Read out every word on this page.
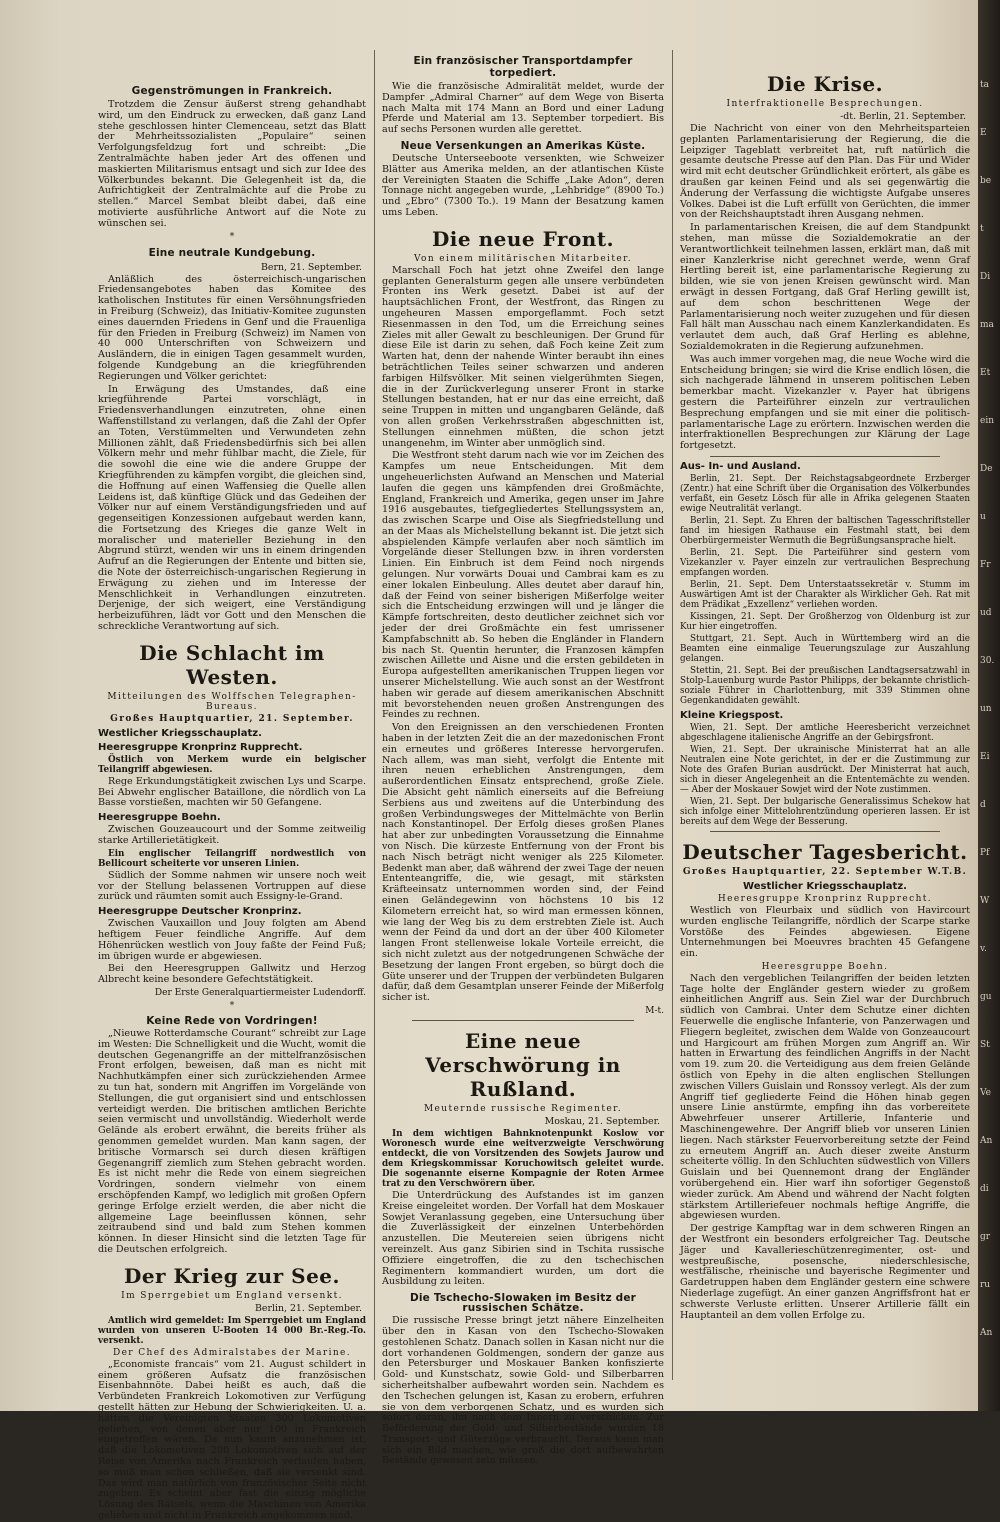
Gegenströmungen in Frankreich.

Trotzdem die Zensur äußerst streng gehandhabt wird, um den Eindruck zu erwecken, daß ganz Land stehe geschlossen hinter Clemenceau, setzt das Blatt der Mehrheitssozialisten „Populaire“ seinen Verfolgungsfeldzug fort und schreibt: „Die Zentralmächte haben jeder Art des offenen und maskierten Militarismus entsagt und sich zur Idee des Völkerbundes bekannt. Die Gelegenheit ist da, die Aufrichtigkeit der Zentralmächte auf die Probe zu stellen.“ Marcel Sembat bleibt dabei, daß eine motivierte ausführliche Antwort auf die Note zu wünschen sei.

*
Eine neutrale Kundgebung.
Bern, 21. September.

Anläßlich des österreichisch-ungarischen Friedensangebotes haben das Komitee des katholischen Institutes für einen Versöhnungsfrieden in Freiburg (Schweiz), das Initiativ-Komitee zugunsten eines dauernden Friedens in Genf und die Frauenliga für den Frieden in Freiburg (Schweiz) im Namen von 40 000 Unterschriften von Schweizern und Ausländern, die in einigen Tagen gesammelt wurden, folgende Kundgebung an die kriegführenden Regierungen und Völker gerichtet:

In Erwägung des Umstandes, daß eine kriegführende Partei vorschlägt, in Friedensverhandlungen einzutreten, ohne einen Waffenstillstand zu verlangen, daß die Zahl der Opfer an Toten, Verstümmelten und Verwundeten zehn Millionen zählt, daß Friedensbedürfnis sich bei allen Völkern mehr und mehr fühlbar macht, die Ziele, für die sowohl die eine wie die andere Gruppe der Kriegführenden zu kämpfen vorgibt, die gleichen sind, die Hoffnung auf einen Waffensieg die Quelle allen Leidens ist, daß künftige Glück und das Gedeihen der Völker nur auf einem Verständigungsfrieden und auf gegenseitigen Konzessionen aufgebaut werden kann, die Fortsetzung des Krieges die ganze Welt in moralischer und materieller Beziehung in den Abgrund stürzt, wenden wir uns in einem dringenden Aufruf an die Regierungen der Entente und bitten sie, die Note der österreichisch-ungarischen Regierung in Erwägung zu ziehen und im Interesse der Menschlichkeit in Verhandlungen einzutreten. Derjenige, der sich weigert, eine Verständigung herbeizuführen, lädt vor Gott und den Menschen die schreckliche Verantwortung auf sich.

Die Schlacht im Westen.
Mitteilungen des Wolffschen Telegraphen-Bureaus.
Großes Hauptquartier, 21. September.
Westlicher Kriegsschauplatz.
Heeresgruppe Kronprinz Rupprecht.

Östlich von Merkem wurde ein belgischer Teilangriff abgewiesen.

Rege Erkundungstätigkeit zwischen Lys und Scarpe. Bei Abwehr englischer Bataillone, die nördlich von La Basse vorstießen, machten wir 50 Gefangene.

Heeresgruppe Boehn.

Zwischen Gouzeaucourt und der Somme zeitweilig starke Artillerietätigkeit.

Ein englischer Teilangriff nordwestlich von Bellicourt scheiterte vor unseren Linien.

Südlich der Somme nahmen wir unsere noch weit vor der Stellung belassenen Vortruppen auf diese zurück und räumten somit auch Essigny-le-Grand.

Heeresgruppe Deutscher Kronprinz.

Zwischen Vauxaillon und Jouy folgten am Abend heftigem Feuer feindliche Angriffe. Auf dem Höhenrücken westlich von Jouy faßte der Feind Fuß; im übrigen wurde er abgewiesen.

Bei den Heeresgruppen Gallwitz und Herzog Albrecht keine besondere Gefechtstätigkeit.

Der Erste Generalquartiermeister Ludendorff.
*
Keine Rede von Vordringen!

„Nieuwe Rotterdamsche Courant“ schreibt zur Lage im Westen: Die Schnelligkeit und die Wucht, womit die deutschen Gegenangriffe an der mittelfranzösischen Front erfolgen, beweisen, daß man es nicht mit Nachhutkämpfen einer sich zurückziehenden Armee zu tun hat, sondern mit Angriffen im Vorgelände von Stellungen, die gut organisiert sind und entschlossen verteidigt werden. Die britischen amtlichen Berichte seien vermischt und unvollständig. Wiederholt werde Gelände als erobert erwähnt, die bereits früher als genommen gemeldet wurden. Man kann sagen, der britische Vormarsch sei durch diesen kräftigen Gegenangriff ziemlich zum Stehen gebracht worden. Es ist nicht mehr die Rede von einem siegreichen Vordringen, sondern vielmehr von einem erschöpfenden Kampf, wo lediglich mit großen Opfern geringe Erfolge erzielt werden, die aber nicht die allgemeine Lage beeinflussen können, sehr zeitraubend sind und bald zum Stehen kommen können. In dieser Hinsicht sind die letzten Tage für die Deutschen erfolgreich.

Der Krieg zur See.
Im Sperrgebiet um England versenkt.
Berlin, 21. September.

Amtlich wird gemeldet: Im Sperrgebiet um England wurden von unseren U-Booten 14 000 Br.-Reg.-To. versenkt.

Der Chef des Admiralstabes der Marine.

„Economiste francais“ vom 21. August schildert in einem größeren Aufsatz die französischen Eisenbahnnöte. Dabei heißt es auch, daß die Verbündeten Frankreich Lokomotiven zur Verfügung gestellt hätten zur Hebung der Schwierigkeiten. U. a. hätten die Vereinigten Staaten 300 Lokomotiven geliehen, von denen aber nur 100 in Frankreich eingetroffen wären. Da nun kaum anzunehmen ist, daß die Lokomotiven 200 Lokomotiven sich auf der Reise von Amerika nach Frankreich verlaufen haben, so muß man schon schließen, daß sie versenkt sind. Das wird man natürlich von französischer Seite nicht zugeben. Es scheint aber fast die einzig mögliche Lösung des Rätsels, wenn die Maschinen von Amerika geliehen und nicht in Frankreich angekommen sind.

Ein französischer Transportdampfer torpediert.

Wie die französische Admiralität meldet, wurde der Dampfer „Admiral Charner“ auf dem Wege von Biserta nach Malta mit 174 Mann an Bord und einer Ladung Pferde und Material am 13. September torpediert. Bis auf sechs Personen wurden alle gerettet.

Neue Versenkungen an Amerikas Küste.

Deutsche Unterseeboote versenkten, wie Schweizer Blätter aus Amerika melden, an der atlantischen Küste der Vereinigten Staaten die Schiffe „Lake Adon“, deren Tonnage nicht angegeben wurde, „Lehbridge“ (8900 To.) und „Ebro“ (7300 To.). 19 Mann der Besatzung kamen ums Leben.

Die neue Front.
Von einem militärischen Mitarbeiter.

Marschall Foch hat jetzt ohne Zweifel den lange geplanten Generalsturm gegen alle unsere verbündeten Fronten ins Werk gesetzt. Dabei ist auf der hauptsächlichen Front, der Westfront, das Ringen zu ungeheuren Massen emporgeflammt. Foch setzt Riesenmassen in den Tod, um die Erreichung seines Zieles mit aller Gewalt zu beschleunigen. Der Grund für diese Eile ist darin zu sehen, daß Foch keine Zeit zum Warten hat, denn der nahende Winter beraubt ihn eines beträchtlichen Teiles seiner schwarzen und anderen farbigen Hilfsvölker. Mit seinen vielgerühmten Siegen, die in der Zurückverlegung unserer Front in starke Stellungen bestanden, hat er nur das eine erreicht, daß seine Truppen in mitten und ungangbaren Gelände, daß von allen großen Verkehrsstraßen abgeschnitten ist, Stellungen einnehmen müßten, die schon jetzt unangenehm, im Winter aber unmöglich sind.

Die Westfront steht darum nach wie vor im Zeichen des Kampfes um neue Entscheidungen. Mit dem ungeheuerlichsten Aufwand an Menschen und Material laufen die gegen uns kämpfenden drei Großmächte, England, Frankreich und Amerika, gegen unser im Jahre 1916 ausgebautes, tiefgegliedertes Stellungssystem an, das zwischen Scarpe und Oise als Siegfriedstellung und an der Maas als Michelstellung bekannt ist. Die jetzt sich abspielenden Kämpfe verlaufen aber noch sämtlich im Vorgelände dieser Stellungen bzw. in ihren vordersten Linien. Ein Einbruch ist dem Feind noch nirgends gelungen. Nur vorwärts Douai und Cambrai kam es zu einer lokalen Einbeulung. Alles deutet aber darauf hin, daß der Feind von seiner bisherigen Mißerfolge weiter sich die Entscheidung erzwingen will und je länger die Kämpfe fortschreiten, desto deutlicher zeichnet sich vor jeder der drei Großmächte ein fest umrissener Kampfabschnitt ab. So heben die Engländer in Flandern bis nach St. Quentin herunter, die Franzosen kämpfen zwischen Aillette und Aisne und die ersten gebildeten in Europa aufgestellten amerikanischen Truppen liegen vor unserer Michelstellung. Wie auch sonst an der Westfront haben wir gerade auf diesem amerikanischen Abschnitt mit bevorstehenden neuen großen Anstrengungen des Feindes zu rechnen.

Von den Ereignissen an den verschiedenen Fronten haben in der letzten Zeit die an der mazedonischen Front ein erneutes und größeres Interesse hervorgerufen. Nach allem, was man sieht, verfolgt die Entente mit ihren neuen erheblichen Anstrengungen, dem außerordentlichen Einsatz entsprechend, große Ziele. Die Absicht geht nämlich einerseits auf die Befreiung Serbiens aus und zweitens auf die Unterbindung des großen Verbindungsweges der Mittelmächte von Berlin nach Konstantinopel. Der Erfolg dieses großen Planes hat aber zur unbedingten Voraussetzung die Einnahme von Nisch. Die kürzeste Entfernung von der Front bis nach Nisch beträgt nicht weniger als 225 Kilometer. Bedenkt man aber, daß während der zwei Tage der neuen Ententeangriffe, die, wie gesagt, mit stärksten Kräfteeinsatz unternommen worden sind, der Feind einen Geländegewinn von höchstens 10 bis 12 Kilometern erreicht hat, so wird man ermessen können, wie lang der Weg bis zu dem erstrebten Ziele ist. Auch wenn der Feind da und dort an der über 400 Kilometer langen Front stellenweise lokale Vorteile erreicht, die sich nicht zuletzt aus der notgedrungenen Schwäche der Besetzung der langen Front ergeben, so bürgt doch die Güte unserer und der Truppen der verbündeten Bulgaren dafür, daß dem Gesamtplan unserer Feinde der Mißerfolg sicher ist.

M-t.
Eine neue Verschwörung in Rußland.
Meuternde russische Regimenter.
Moskau, 21. September.

In dem wichtigen Bahnknotenpunkt Koslow vor Woronesch wurde eine weitverzweigte Verschwörung entdeckt, die von Vorsitzenden des Sowjets Jaurow und dem Kriegskommissar Koruchowitsch geleitet wurde. Die sogenannte eiserne Kompagnie der Roten Armee trat zu den Verschwörern über.

Die Unterdrückung des Aufstandes ist im ganzen Kreise eingeleitet worden. Der Vorfall hat dem Moskauer Sowjet Veranlassung gegeben, eine Untersuchung über die Zuverlässigkeit der einzelnen Unterbehörden anzustellen. Die Meutereien seien übrigens nicht vereinzelt. Aus ganz Sibirien sind in Tschita russische Offiziere eingetroffen, die zu den tschechischen Regimentern kommandiert wurden, um dort die Ausbildung zu leiten.

Die Tschecho-Slowaken im Besitz der russischen Schätze.

Die russische Presse bringt jetzt nähere Einzelheiten über den in Kasan von den Tschecho-Slowaken gestohlenen Schatz. Danach sollen in Kasan nicht nur die dort vorhandenen Goldmengen, sondern der ganze aus den Petersburger und Moskauer Banken konfiszierte Gold- und Kunstschatz, sowie Gold- und Silberbarren sicherheitshalber aufbewahrt worden sein. Nachdem es den Tschechen gelungen ist, Kasan zu erobern, erfuhren sie von dem verborgenen Schatz, und es wurden sich sofort daran, ihn nach dem Innern zu verschicken. Zur Beförderung der Gold- und Silberbestände wurden 18 Transport- und Güterzüge verbraucht. Daraus kann man sich ein Bild machen, wie groß die dort aufbewahrten Bestände gewesen sein müssen.

Die Krise.
Interfraktionelle Besprechungen.
-dt. Berlin, 21. September.

Die Nachricht von einer von den Mehrheitsparteien geplanten Parlamentarisierung der Regierung, die die Leipziger Tageblatt verbreitet hat, ruft natürlich die gesamte deutsche Presse auf den Plan. Das Für und Wider wird mit echt deutscher Gründlichkeit erörtert, als gäbe es draußen gar keinen Feind und als sei gegenwärtig die Änderung der Verfassung die wichtigste Aufgabe unseres Volkes. Dabei ist die Luft erfüllt von Gerüchten, die immer von der Reichshauptstadt ihren Ausgang nehmen.

In parlamentarischen Kreisen, die auf dem Standpunkt stehen, man müsse die Sozialdemokratie an der Verantwortlichkeit teilnehmen lassen, erklärt man, daß mit einer Kanzlerkrise nicht gerechnet werde, wenn Graf Hertling bereit ist, eine parlamentarische Regierung zu bilden, wie sie von jenen Kreisen gewünscht wird. Man erwägt in dessen Fortgang, daß Graf Herling gewillt ist, auf dem schon beschrittenen Wege der Parlamentarisierung noch weiter zuzugehen und für diesen Fall hält man Ausschau nach einem Kanzlerkandidaten. Es verlautet dem auch, daß Graf Herling es ablehne, Sozialdemokraten in die Regierung aufzunehmen.

Was auch immer vorgehen mag, die neue Woche wird die Entscheidung bringen; sie wird die Krise endlich lösen, die sich nachgerade lähmend in unserem politischen Leben bemerkbar macht. Vizekanzler v. Payer hat übrigens gestern die Parteiführer einzeln zur vertraulichen Besprechung empfangen und sie mit einer die politisch-parlamentarische Lage zu erörtern. Inzwischen werden die interfraktionellen Besprechungen zur Klärung der Lage fortgesetzt.

Aus- In- und Ausland.

Berlin, 21. Sept. Der Reichstagsabgeordnete Erzberger (Zentr.) hat eine Schrift über die Organisation des Völkerbundes verfaßt, ein Gesetz Lösch für alle in Afrika gelegenen Staaten ewige Neutralität verlangt.

Berlin, 21. Sept. Zu Ehren der baltischen Tagesschriftsteller fand im hiesigen Rathause ein Festmahl statt, bei dem Oberbürgermeister Wermuth die Begrüßungsansprache hielt.

Berlin, 21. Sept. Die Parteiführer sind gestern vom Vizekanzler v. Payer einzeln zur vertraulichen Besprechung empfangen worden.

Berlin, 21. Sept. Dem Unterstaatssekretär v. Stumm im Auswärtigen Amt ist der Charakter als Wirklicher Geh. Rat mit dem Prädikat „Exzellenz“ verliehen worden.

Kissingen, 21. Sept. Der Großherzog von Oldenburg ist zur Kur hier eingetroffen.

Stuttgart, 21. Sept. Auch in Württemberg wird an die Beamten eine einmalige Teuerungszulage zur Auszahlung gelangen.

Stettin, 21. Sept. Bei der preußischen Landtagsersatzwahl in Stolp-Lauenburg wurde Pastor Philipps, der bekannte christlich-soziale Führer in Charlottenburg, mit 339 Stimmen ohne Gegenkandidaten gewählt.

Kleine Kriegspost.

Wien, 21. Sept. Der amtliche Heeresbericht verzeichnet abgeschlagene italienische Angriffe an der Gebirgsfront.

Wien, 21. Sept. Der ukrainische Ministerrat hat an alle Neutralen eine Note gerichtet, in der er die Zustimmung zur Note des Grafen Burian ausdrückt. Der Ministerrat hat auch, sich in dieser Angelegenheit an die Ententemächte zu wenden. — Aber der Moskauer Sowjet wird der Note zustimmen.

Wien, 21. Sept. Der bulgarische Generalissimus Schekow hat sich infolge einer Mittelohrentzündung operieren lassen. Er ist bereits auf dem Wege der Besserung.

Deutscher Tagesbericht.
Großes Hauptquartier, 22. September W.T.B.
Westlicher Kriegsschauplatz.
Heeresgruppe Kronprinz Rupprecht.

Westlich von Fleurbaix und südlich von Havircourt wurden englische Teilangriffe, nördlich der Scarpe starke Vorstöße des Feindes abgewiesen. Eigene Unternehmungen bei Moeuvres brachten 45 Gefangene ein.

Heeresgruppe Boehn.

Nach den vergeblichen Teilangriffen der beiden letzten Tage holte der Engländer gestern wieder zu großem einheitlichen Angriff aus. Sein Ziel war der Durchbruch südlich von Cambrai. Unter dem Schutze einer dichten Feuerwelle die englische Infanterie, von Panzerwagen und Fliegern begleitet, zwischen dem Walde von Gonzeaucourt und Hargicourt am frühen Morgen zum Angriff an. Wir hatten in Erwartung des feindlichen Angriffs in der Nacht vom 19. zum 20. die Verteidigung aus dem freien Gelände östlich von Epehy in die alten englischen Stellungen zwischen Villers Guislain und Ronssoy verlegt. Als der zum Angriff tief gegliederte Feind die Höhen hinab gegen unsere Linie anstürmte, empfing ihn das vorbereitete Abwehrfeuer unserer Artillerie, Infanterie und Maschinengewehre. Der Angriff blieb vor unseren Linien liegen. Nach stärkster Feuervorbereitung setzte der Feind zu erneutem Angriff an. Auch dieser zweite Ansturm scheiterte völlig. In den Schluchten südwestlich von Villers Guislain und bei Quennemont drang der Engländer vorübergehend ein. Hier warf ihn sofortiger Gegenstoß wieder zurück. Am Abend und während der Nacht folgten stärkstem Artilleriefeuer nochmals heftige Angriffe, die abgewiesen wurden.

Der gestrige Kampftag war in dem schweren Ringen an der Westfront ein besonders erfolgreicher Tag. Deutsche Jäger und Kavallerieschützenregimenter, ost- und westpreußische, posensche, niederschlesische, westfälische, rheinische und bayerische Regimenter und Gardetruppen haben dem Engländer gestern eine schwere Niederlage zugefügt. An einer ganzen Angriffsfront hat er schwerste Verluste erlitten. Unserer Artillerie fällt ein Hauptanteil an dem vollen Erfolge zu.

ta
E
be
t
Di
ma
Et
ein
De
u
Fr
ud
30.
un
Ei
d
Pf
W
v.
gu
St
Ve
An
di
gr
ru
An
